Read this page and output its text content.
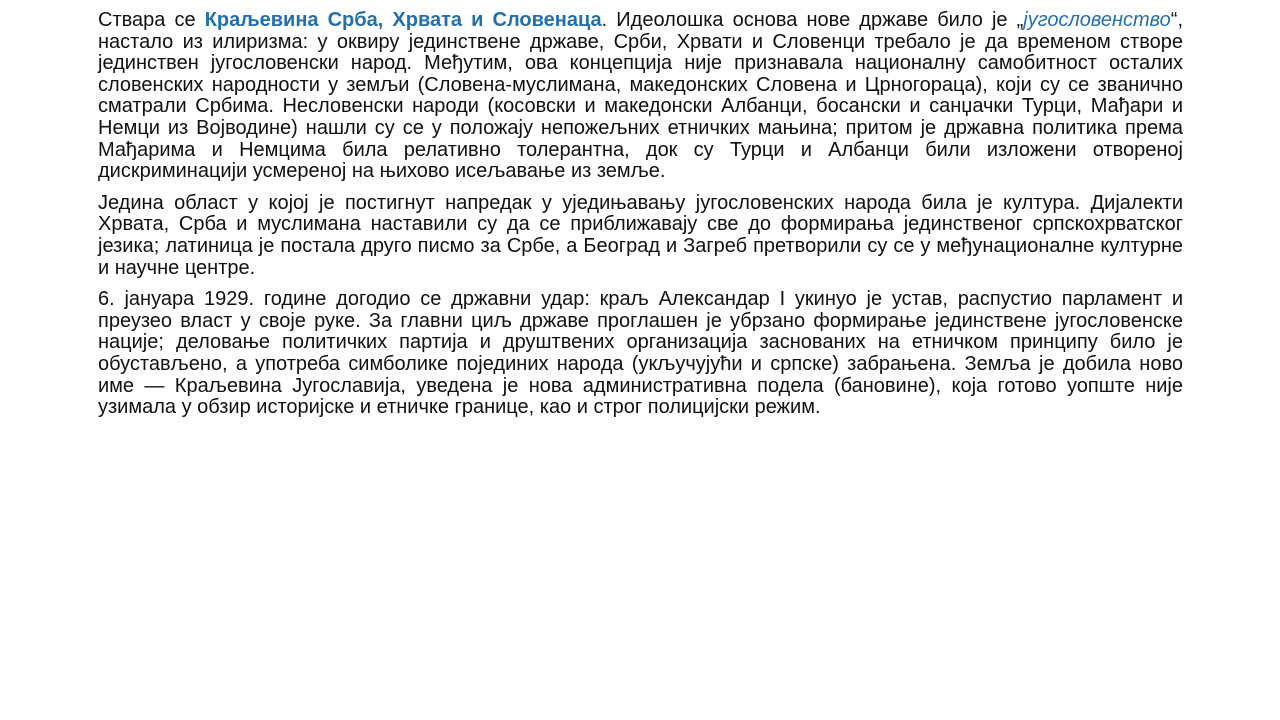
Ствара се Краљевина Срба, Хрвата и Словенаца. Идеолошка основа нове државе било је „југословенство“, настало из илиризма: у оквиру јединствене државе, Срби, Хрвати и Словенци требало је да временом створе јединствен југословенски народ. Међутим, ова концепција није признавала националну самобитност осталих словенских народности у земљи (Словена-муслимана, македонских Словена и Црногораца), који су се званично сматрали Србима. Несловенски народи (косовски и македонски Албанци, босански и санџачки Турци, Мађари и Немци из Војводине) нашли су се у положају непожељних етничких мањина; притом је државна политика према Мађарима и Немцима била релативно толерантна, док су Турци и Албанци били изложени отвореној дискриминацији усмереној на њихово исељавање из земље.

Једина област у којој је постигнут напредак у уједињавању југословенских народа била је култура. Дијалекти Хрвата, Срба и муслимана наставили су да се приближавају све до формирања јединственог српскохрватског језика; латиница је постала друго писмо за Србе, а Београд и Загреб претворили су се у међунационалне културне и научне центре.

6. јануара 1929. године догодио се државни удар: краљ Александар I укинуо је устав, распустио парламент и преузео власт у своје руке. За главни циљ државе проглашен је убрзано формирање јединствене југословенске нације; деловање политичких партија и друштвених организација заснованих на етничком принципу било је обустављено, а употреба симболике појединих народа (укључујући и српске) забрањена. Земља је добила ново име — Краљевина Југославија, уведена је нова административна подела (бановине), која готово уопште није узимала у обзир историјске и етничке границе, као и строг полицијски режим.
